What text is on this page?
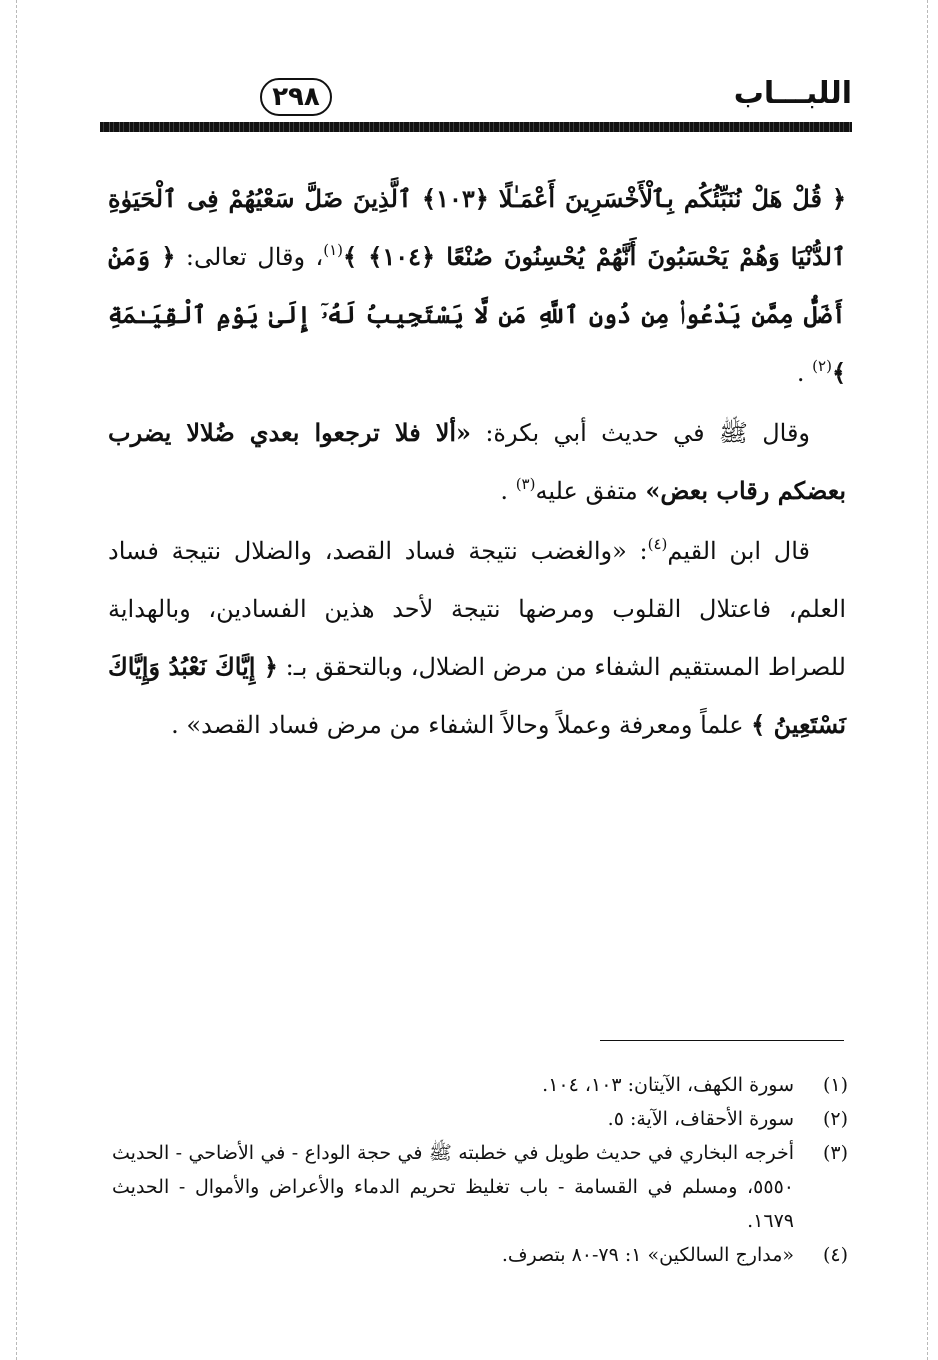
اللبـــاب
٢٩٨

﴿ قُلْ هَلْ نُنَبِّئُكُم بِٱلْأَخْسَرِينَ أَعْمَـٰلًا ﴿١٠٣﴾ ٱلَّذِينَ ضَلَّ سَعْيُهُمْ فِى ٱلْحَيَوٰةِ ٱلدُّنْيَا وَهُمْ يَحْسَبُونَ أَنَّهُمْ يُحْسِنُونَ صُنْعًا ﴿١٠٤﴾ ﴾$^{(١)}$، وقال تعالى: ﴿ وَمَنْ أَضَلُّ مِمَّن يَدْعُوا۟ مِن دُونِ ٱللَّهِ مَن لَّا يَسْتَجِيبُ لَهُۥٓ إِلَىٰ يَوْمِ ٱلْقِيَـٰمَةِ ﴾$^{(٢)}$ .

وقال ﷺ في حديث أبي بكرة: «ألا فلا ترجعوا بعدي ضُلالا يضرب بعضكم رقاب بعض» متفق عليه$^{(٣)}$ .

قال ابن القيم$^{(٤)}$: «والغضب نتيجة فساد القصد، والضلال نتيجة فساد العلم، فاعتلال القلوب ومرضها نتيجة لأحد هذين الفسادين، وبالهداية للصراط المستقيم الشفاء من مرض الضلال، وبالتحقق بـ: ﴿ إِيَّاكَ نَعْبُدُ وَإِيَّاكَ نَسْتَعِينُ ﴾ علماً ومعرفة وعملاً وحالاً الشفاء من مرض فساد القصد» .

(١)
سورة الكهف، الآيتان: ١٠٣، ١٠٤.
(٢)
سورة الأحقاف، الآية: ٥.
(٣)
أخرجه البخاري في حديث طويل في خطبته ﷺ في حجة الوداع - في الأضاحي - الحديث ٥٥٥٠، ومسلم في القسامة - باب تغليظ تحريم الدماء والأعراض والأموال - الحديث ١٦٧٩.
(٤)
«مدارج السالكين» ١: ٧٩-٨٠ بتصرف.
